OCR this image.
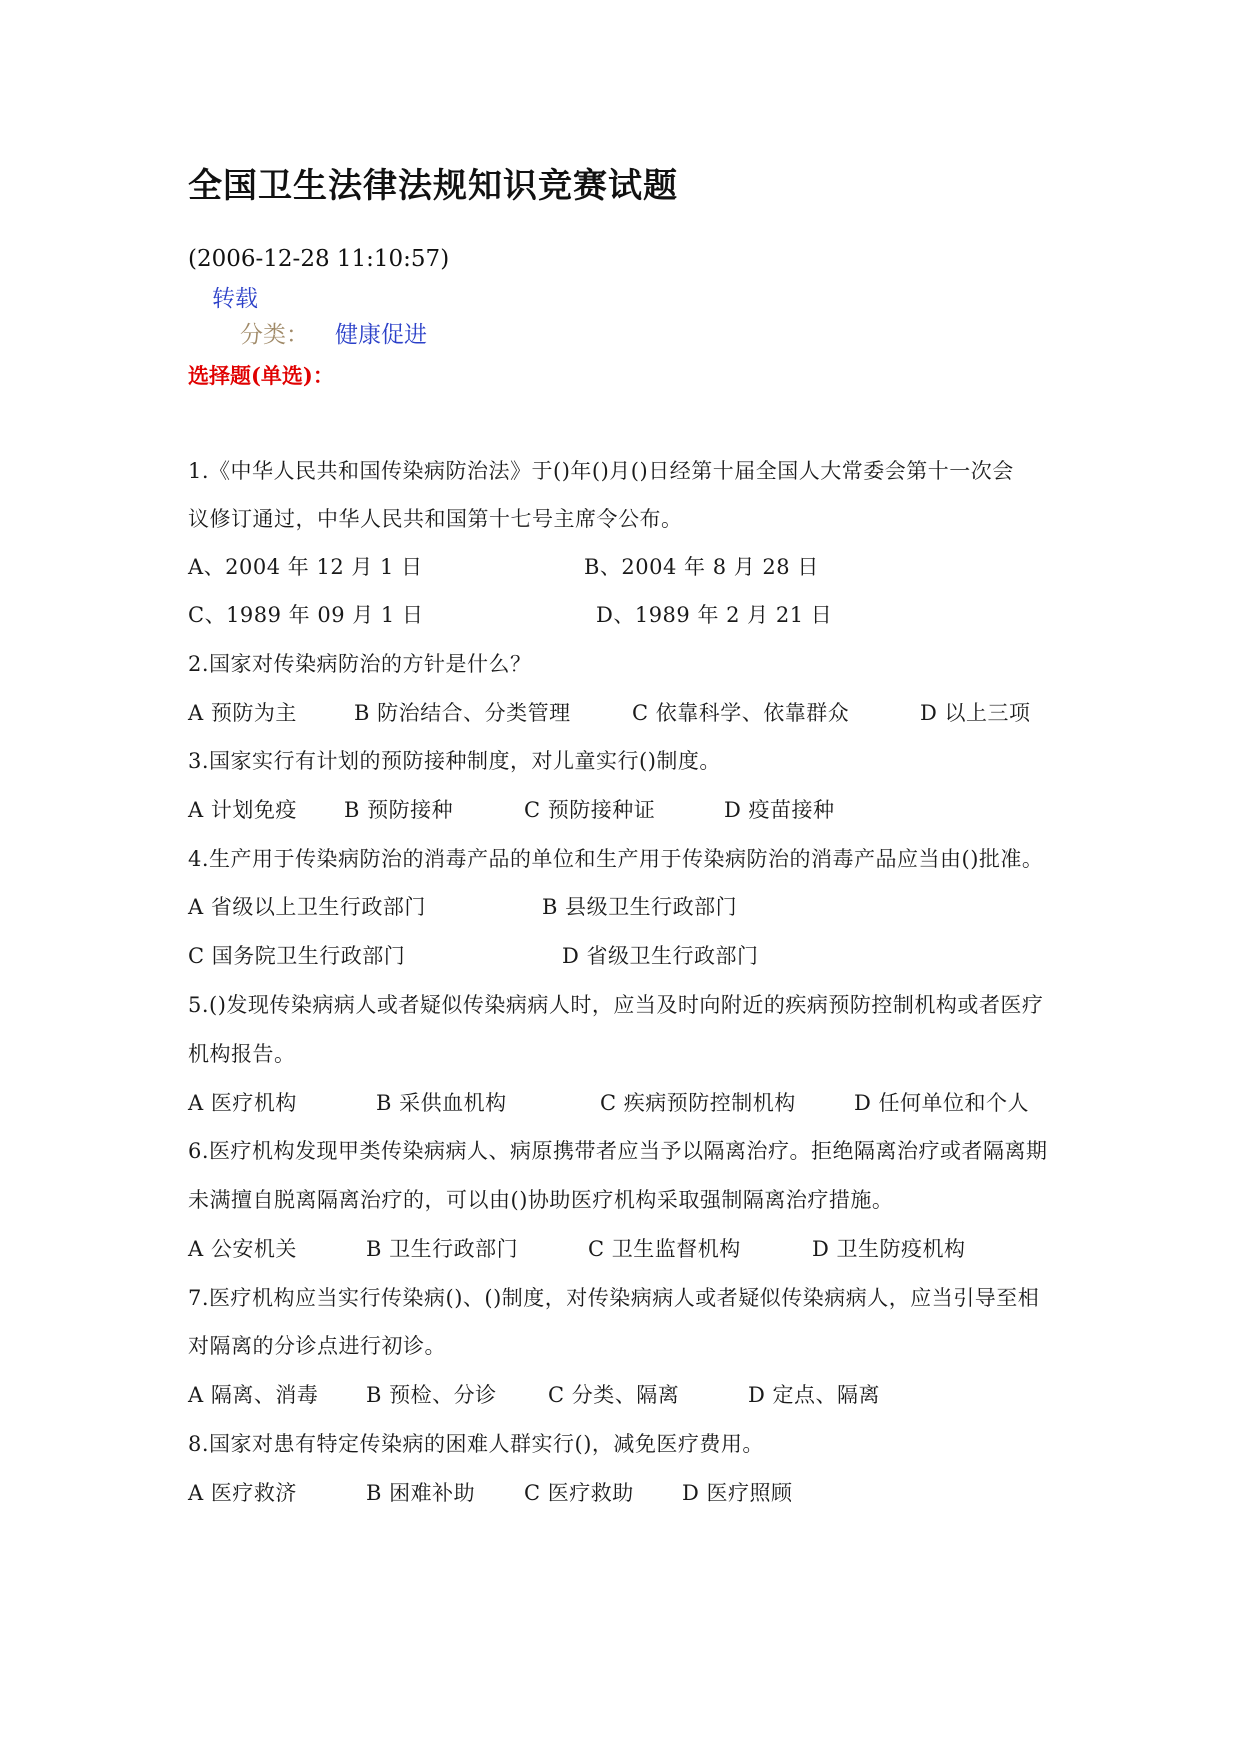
全国卫生法律法规知识竞赛试题
(2006-12-28 11:10:57)
转载
分类： 健康促进
选择题(单选)：
1.《中华人民共和国传染病防治法》于()年()月()日经第十届全国人大常委会第十一次会
议修订通过，中华人民共和国第十七号主席令公布。
A、2004 年 12 月 1 日	B、2004 年 8 月 28 日
C、1989 年 09 月 1 日	D、1989 年 2 月 21 日
2.国家对传染病防治的方针是什么？
A 预防为主	B 防治结合、分类管理	C 依靠科学、依靠群众	D 以上三项
3.国家实行有计划的预防接种制度，对儿童实行()制度。
A 计划免疫 B 预防接种	C 预防接种证	D 疫苗接种
4.生产用于传染病防治的消毒产品的单位和生产用于传染病防治的消毒产品应当由()批准。
A 省级以上卫生行政部门	B 县级卫生行政部门
C 国务院卫生行政部门	D 省级卫生行政部门
5.()发现传染病病人或者疑似传染病病人时，应当及时向附近的疾病预防控制机构或者医疗
机构报告。
A 医疗机构	B 采供血机构	C 疾病预防控制机构	D 任何单位和个人
6.医疗机构发现甲类传染病病人、病原携带者应当予以隔离治疗。拒绝隔离治疗或者隔离期
未满擅自脱离隔离治疗的，可以由()协助医疗机构采取强制隔离治疗措施。
A 公安机关	B 卫生行政部门	C 卫生监督机构	D 卫生防疫机构
7.医疗机构应当实行传染病()、()制度，对传染病病人或者疑似传染病病人，应当引导至相
对隔离的分诊点进行初诊。
A 隔离、消毒 B 预检、分诊 C 分类、隔离	D 定点、隔离
8.国家对患有特定传染病的困难人群实行()，减免医疗费用。
A 医疗救济	B 困难补助 C 医疗救助 D 医疗照顾
